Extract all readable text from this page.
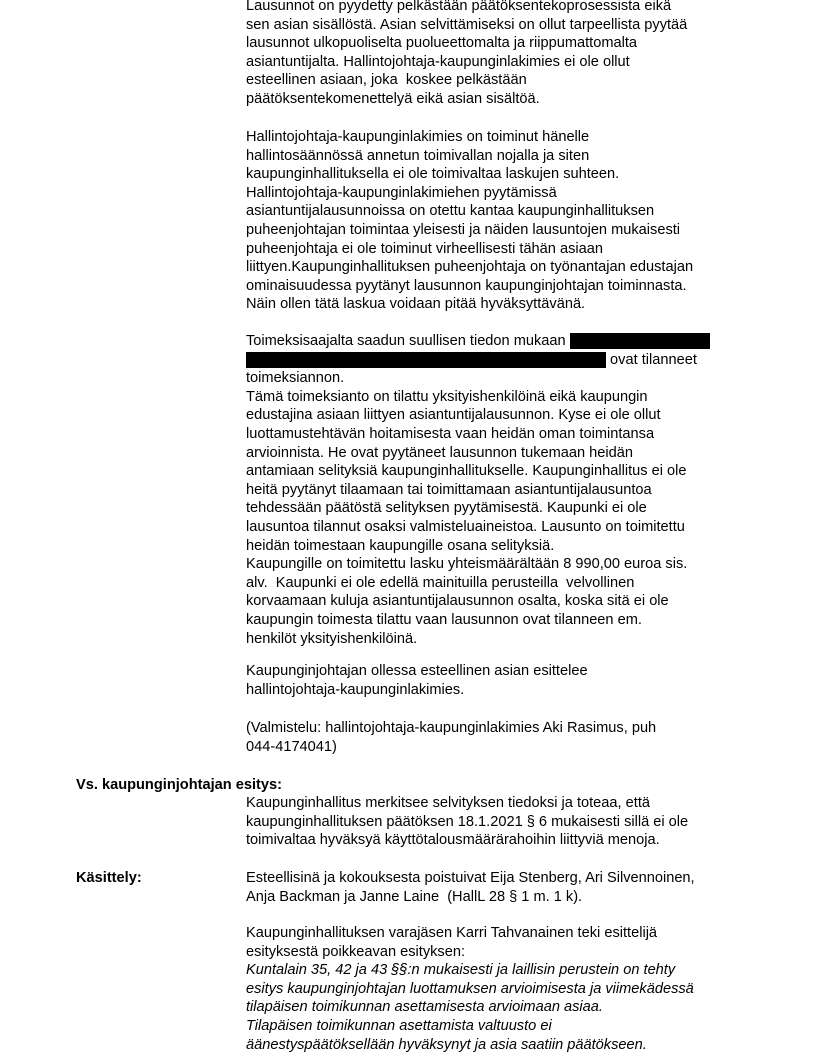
Lausunnot on pyydetty pelkästään päätöksentekoprosessista eikä
sen asian sisällöstä. Asian selvittämiseksi on ollut tarpeellista pyytää
lausunnot ulkopuoliselta puolueettomalta ja riippumattomalta
asiantuntijalta. Hallintojohtaja-kaupunginlakimies ei ole ollut
esteellinen asiaan, joka  koskee pelkästään
päätöksentekomenettelyä eikä asian sisältöä.
Hallintojohtaja-kaupunginlakimies on toiminut hänelle
hallintosäännössä annetun toimivallan nojalla ja siten
kaupunginhallituksella ei ole toimivaltaa laskujen suhteen.
Hallintojohtaja-kaupunginlakimiehen pyytämissä
asiantuntijalausunnoissa on otettu kantaa kaupunginhallituksen
puheenjohtajan toimintaa yleisesti ja näiden lausuntojen mukaisesti
puheenjohtaja ei ole toiminut virheellisesti tähän asiaan
liittyen.Kaupunginhallituksen puheenjohtaja on työnantajan edustajan
ominaisuudessa pyytänyt lausunnon kaupunginjohtajan toiminnasta.
Näin ollen tätä laskua voidaan pitää hyväksyttävänä.
Toimeksisaajalta saadun suullisen tiedon mukaan
ovat tilanneet
toimeksiannon.
Tämä toimeksianto on tilattu yksityishenkilöinä eikä kaupungin
edustajina asiaan liittyen asiantuntijalausunnon. Kyse ei ole ollut
luottamustehtävän hoitamisesta vaan heidän oman toimintansa
arvioinnista. He ovat pyytäneet lausunnon tukemaan heidän
antamiaan selityksiä kaupunginhallitukselle. Kaupunginhallitus ei ole
heitä pyytänyt tilaamaan tai toimittamaan asiantuntijalausuntoa
tehdessään päätöstä selityksen pyytämisestä. Kaupunki ei ole
lausuntoa tilannut osaksi valmisteluaineistoa. Lausunto on toimitettu
heidän toimestaan kaupungille osana selityksiä.
Kaupungille on toimitettu lasku yhteismäärältään 8 990,00 euroa sis.
alv.  Kaupunki ei ole edellä mainituilla perusteilla  velvollinen
korvaamaan kuluja asiantuntijalausunnon osalta, koska sitä ei ole
kaupungin toimesta tilattu vaan lausunnon ovat tilanneen em.
henkilöt yksityishenkilöinä.
Kaupunginjohtajan ollessa esteellinen asian esittelee
hallintojohtaja-kaupunginlakimies.
(Valmistelu: hallintojohtaja-kaupunginlakimies Aki Rasimus, puh
044-4174041)
Vs. kaupunginjohtajan esitys:
Kaupunginhallitus merkitsee selvityksen tiedoksi ja toteaa, että
kaupunginhallituksen päätöksen 18.1.2021 § 6 mukaisesti sillä ei ole
toimivaltaa hyväksyä käyttötalousmäärärahoihin liittyviä menoja.
Käsittely:	Esteellisinä ja kokouksesta poistuivat Eija Stenberg, Ari Silvennoinen,
Anja Backman ja Janne Laine  (HallL 28 § 1 m. 1 k).
Kaupunginhallituksen varajäsen Karri Tahvanainen teki esittelijä
esityksestä poikkeavan esityksen:
Kuntalain 35, 42 ja 43 §§:n mukaisesti ja laillisin perustein on tehty
esitys kaupunginjohtajan luottamuksen arvioimisesta ja viimekädessä
tilapäisen toimikunnan asettamisesta arvioimaan asiaa.
Tilapäisen toimikunnan asettamista valtuusto ei
äänestyspäätöksellään hyväksynyt ja asia saatiin päätökseen.
